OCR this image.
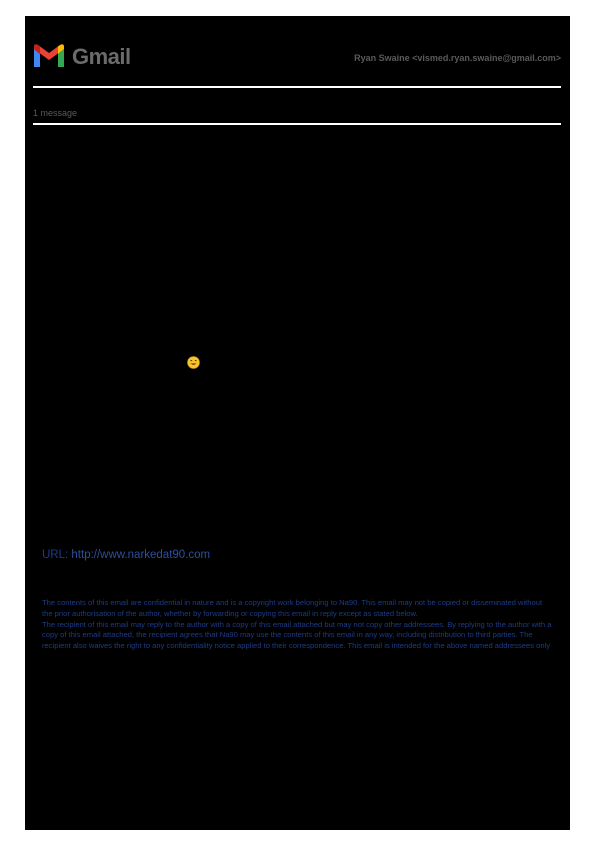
Gmail	Ryan Swaine <vismed.ryan.swaine@gmail.com>
1 message
URL: http://www.narkedat90.com

The contents of this email are confidential in nature and is a copyright work belonging to Na90. This email may not be copied or disseminated without the prior authorisation of the author, whether by forwarding or copying this email in reply except as stated below.

The recipient of this email may reply to the author with a copy of this email attached but may not copy other addressees. By replying to the author with a copy of this email attached, the recipient agrees that Na90 may use the contents of this email in any way, including distribution to third parties. The recipient also waives the right to any confidentiality notice applied to their correspondence. This email is intended for the above named addressees only
